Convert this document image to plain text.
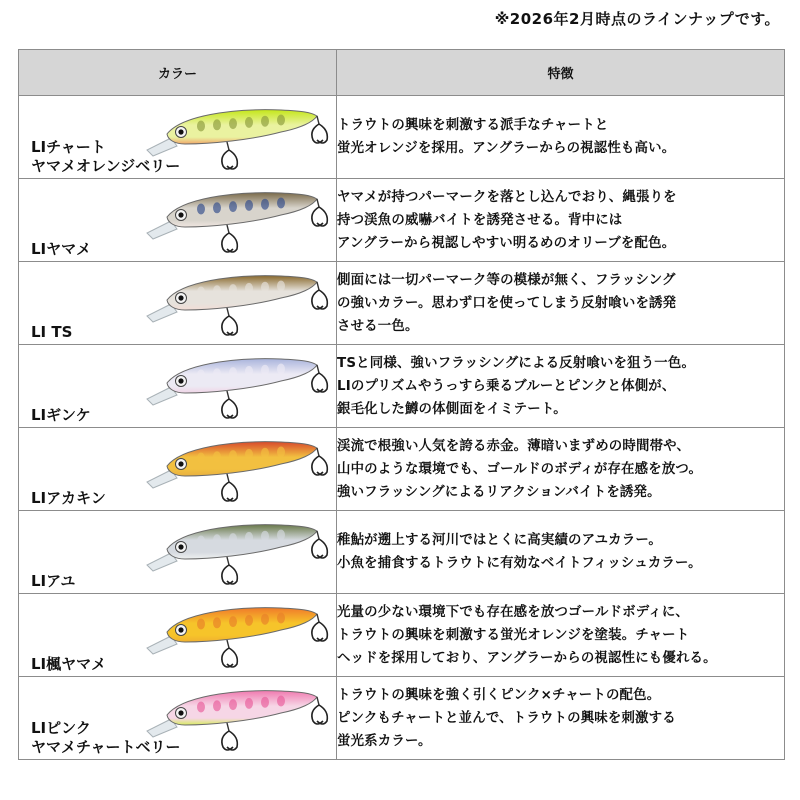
※2026年2月時点のラインナップです。
カラー	特徴

LIチャート
ヤマメオレンジベリー	トラウトの興味を刺激する派手なチャートと
蛍光オレンジを採用。アングラーからの視認性も高い。

LIヤマメ	ヤマメが持つパーマークを落とし込んでおり、縄張りを
持つ渓魚の威嚇バイトを誘発させる。背中には
アングラーから視認しやすい明るめのオリーブを配色。

LI TS	側面には一切パーマーク等の模様が無く、フラッシング
の強いカラー。思わず口を使ってしまう反射喰いを誘発
させる一色。

LIギンケ	TSと同様、強いフラッシングによる反射喰いを狙う一色。
LIのプリズムやうっすら乗るブルーとピンクと体側が、
銀毛化した鱒の体側面をイミテート。

LIアカキン	渓流で根強い人気を誇る赤金。薄暗いまずめの時間帯や、
山中のような環境でも、ゴールドのボディが存在感を放つ。
強いフラッシングによるリアクションバイトを誘発。

LIアユ	稚鮎が遡上する河川ではとくに高実績のアユカラー。
小魚を捕食するトラウトに有効なベイトフィッシュカラー。

LI楓ヤマメ	光量の少ない環境下でも存在感を放つゴールドボディに、
トラウトの興味を刺激する蛍光オレンジを塗装。チャート
ヘッドを採用しており、アングラーからの視認性にも優れる。

LIピンク
ヤマメチャートベリー	トラウトの興味を強く引くピンク×チャートの配色。
ピンクもチャートと並んで、トラウトの興味を刺激する
蛍光系カラー。
